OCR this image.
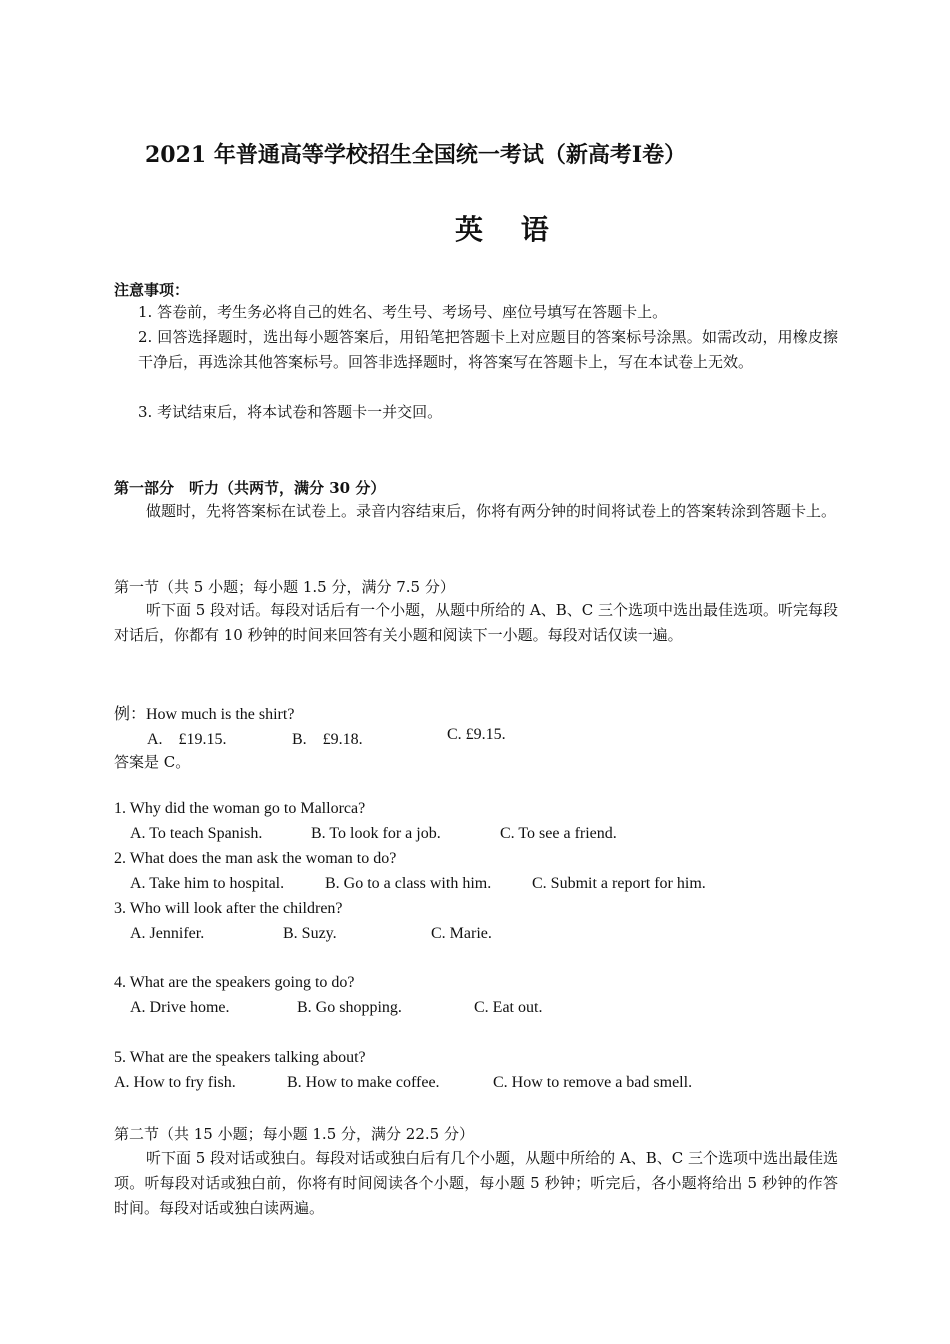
2021 年普通高等学校招生全国统一考试（新高考Ⅰ卷）
英 语
注意事项：
1. 答卷前，考生务必将自己的姓名、考生号、考场号、座位号填写在答题卡上。
2. 回答选择题时，选出每小题答案后，用铅笔把答题卡上对应题目的答案标号涂黑。如需改动，用橡皮擦干净后，再选涂其他答案标号。回答非选择题时，将答案写在答题卡上，写在本试卷上无效。
3. 考试结束后，将本试卷和答题卡一并交回。
第一部分　听力（共两节，满分 30 分）
做题时，先将答案标在试卷上。录音内容结束后，你将有两分钟的时间将试卷上的答案转涂到答题卡上。
第一节（共 5 小题；每小题 1.5 分，满分 7.5 分）
听下面 5 段对话。每段对话后有一个小题，从题中所给的 A、B、C 三个选项中选出最佳选项。听完每段对话后，你都有 10 秒钟的时间来回答有关小题和阅读下一小题。每段对话仅读一遍。
例：How much is the shirt?
A.　£19.15.	B.　£9.18.	C. £9.15.
答案是 C。
1. Why did the woman go to Mallorca?
A. To teach Spanish.	B. To look for a job.	C. To see a friend.
2. What does the man ask the woman to do?
A. Take him to hospital.	B. Go to a class with him.	C. Submit a report for him.
3. Who will look after the children?
A. Jennifer.	B. Suzy.	C. Marie.
4. What are the speakers going to do?
A. Drive home.	B. Go shopping.	C. Eat out.
5. What are the speakers talking about?
A. How to fry fish.	B. How to make coffee.	C. How to remove a bad smell.
第二节（共 15 小题；每小题 1.5 分，满分 22.5 分）
听下面 5 段对话或独白。每段对话或独白后有几个小题，从题中所给的 A、B、C 三个选项中选出最佳选项。听每段对话或独白前，你将有时间阅读各个小题，每小题 5 秒钟；听完后，各小题将给出 5 秒钟的作答时间。每段对话或独白读两遍。
